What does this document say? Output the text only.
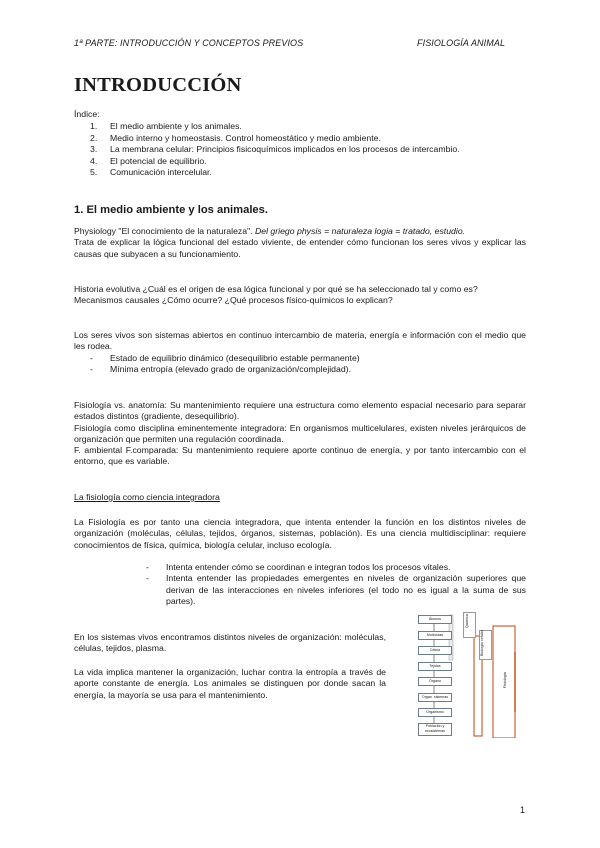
1ª PARTE: INTRODUCCIÓN Y CONCEPTOS PREVIOS	FISIOLOGÍA ANIMAL
INTRODUCCIÓN

Índice:

1.	El medio ambiente y los animales.
2.	Medio interno y homeostasis. Control homeostático y medio ambiente.
3.	La membrana celular: Principios fisicoquímicos implicados en los procesos de intercambio.
4.	El potencial de equilibrio.
5.	Comunicación intercelular.
1. El medio ambiente y los animales.

Physiology "El conocimiento de la naturaleza". Del griego physis = naturaleza logia = tratado, estudio.
Trata de explicar la lógica funcional del estado viviente, de entender cómo funcionan los seres vivos y explicar las causas que subyacen a su funcionamiento.

Historia evolutiva ¿Cuál es el origen de esa lógica funcional y por qué se ha seleccionado tal y como es?
Mecanismos causales ¿Cómo ocurre? ¿Qué procesos físico-químicos lo explican?

Los seres vivos son sistemas abiertos en continuo intercambio de materia, energía e información con el medio que les rodea.

- Estado de equilibrio dinámico (desequilibrio estable permanente)
- Mínima entropía (elevado grado de organización/complejidad).

Fisiología vs. anatomía: Su mantenimiento requiere una estructura como elemento espacial necesario para separar estados distintos (gradiente, desequilibrio).
Fisiología como disciplina eminentemente integradora: En organismos multicelulares, existen niveles jerárquicos de organización que permiten una regulación coordinada.
F. ambiental F.comparada: Su mantenimiento requiere aporte continuo de energía, y por tanto intercambio con el entorno, que es variable.

La fisiología como ciencia integradora

La Fisiología es por tanto una ciencia integradora, que intenta entender la función en los distintos niveles de organización (moléculas, células, tejidos, órganos, sistemas, población). Es una ciencia multidisciplinar: requiere conocimientos de física, química, biología celular, incluso ecología.

- Intenta entender cómo se coordinan e integran todos los procesos vitales.
- Intenta entender las propiedades emergentes en niveles de organización superiores que derivan de las interacciones en niveles inferiores (el todo no es igual a la suma de sus partes).

En los sistemas vivos encontramos distintos niveles de organización: moléculas, células, tejidos, plasma.

La vida implica mantener la organización, luchar contra la entropía a través de aporte constante de energía. Los animales se distinguen por donde sacan la energía, la mayoría se usa para el mantenimiento.

Átomos
Moléculas
Célula
Tejidos
Órgano
Organ. sistemas
Organismo
Población y ecosistemas
Química
Biología celular
Fisiología
1
